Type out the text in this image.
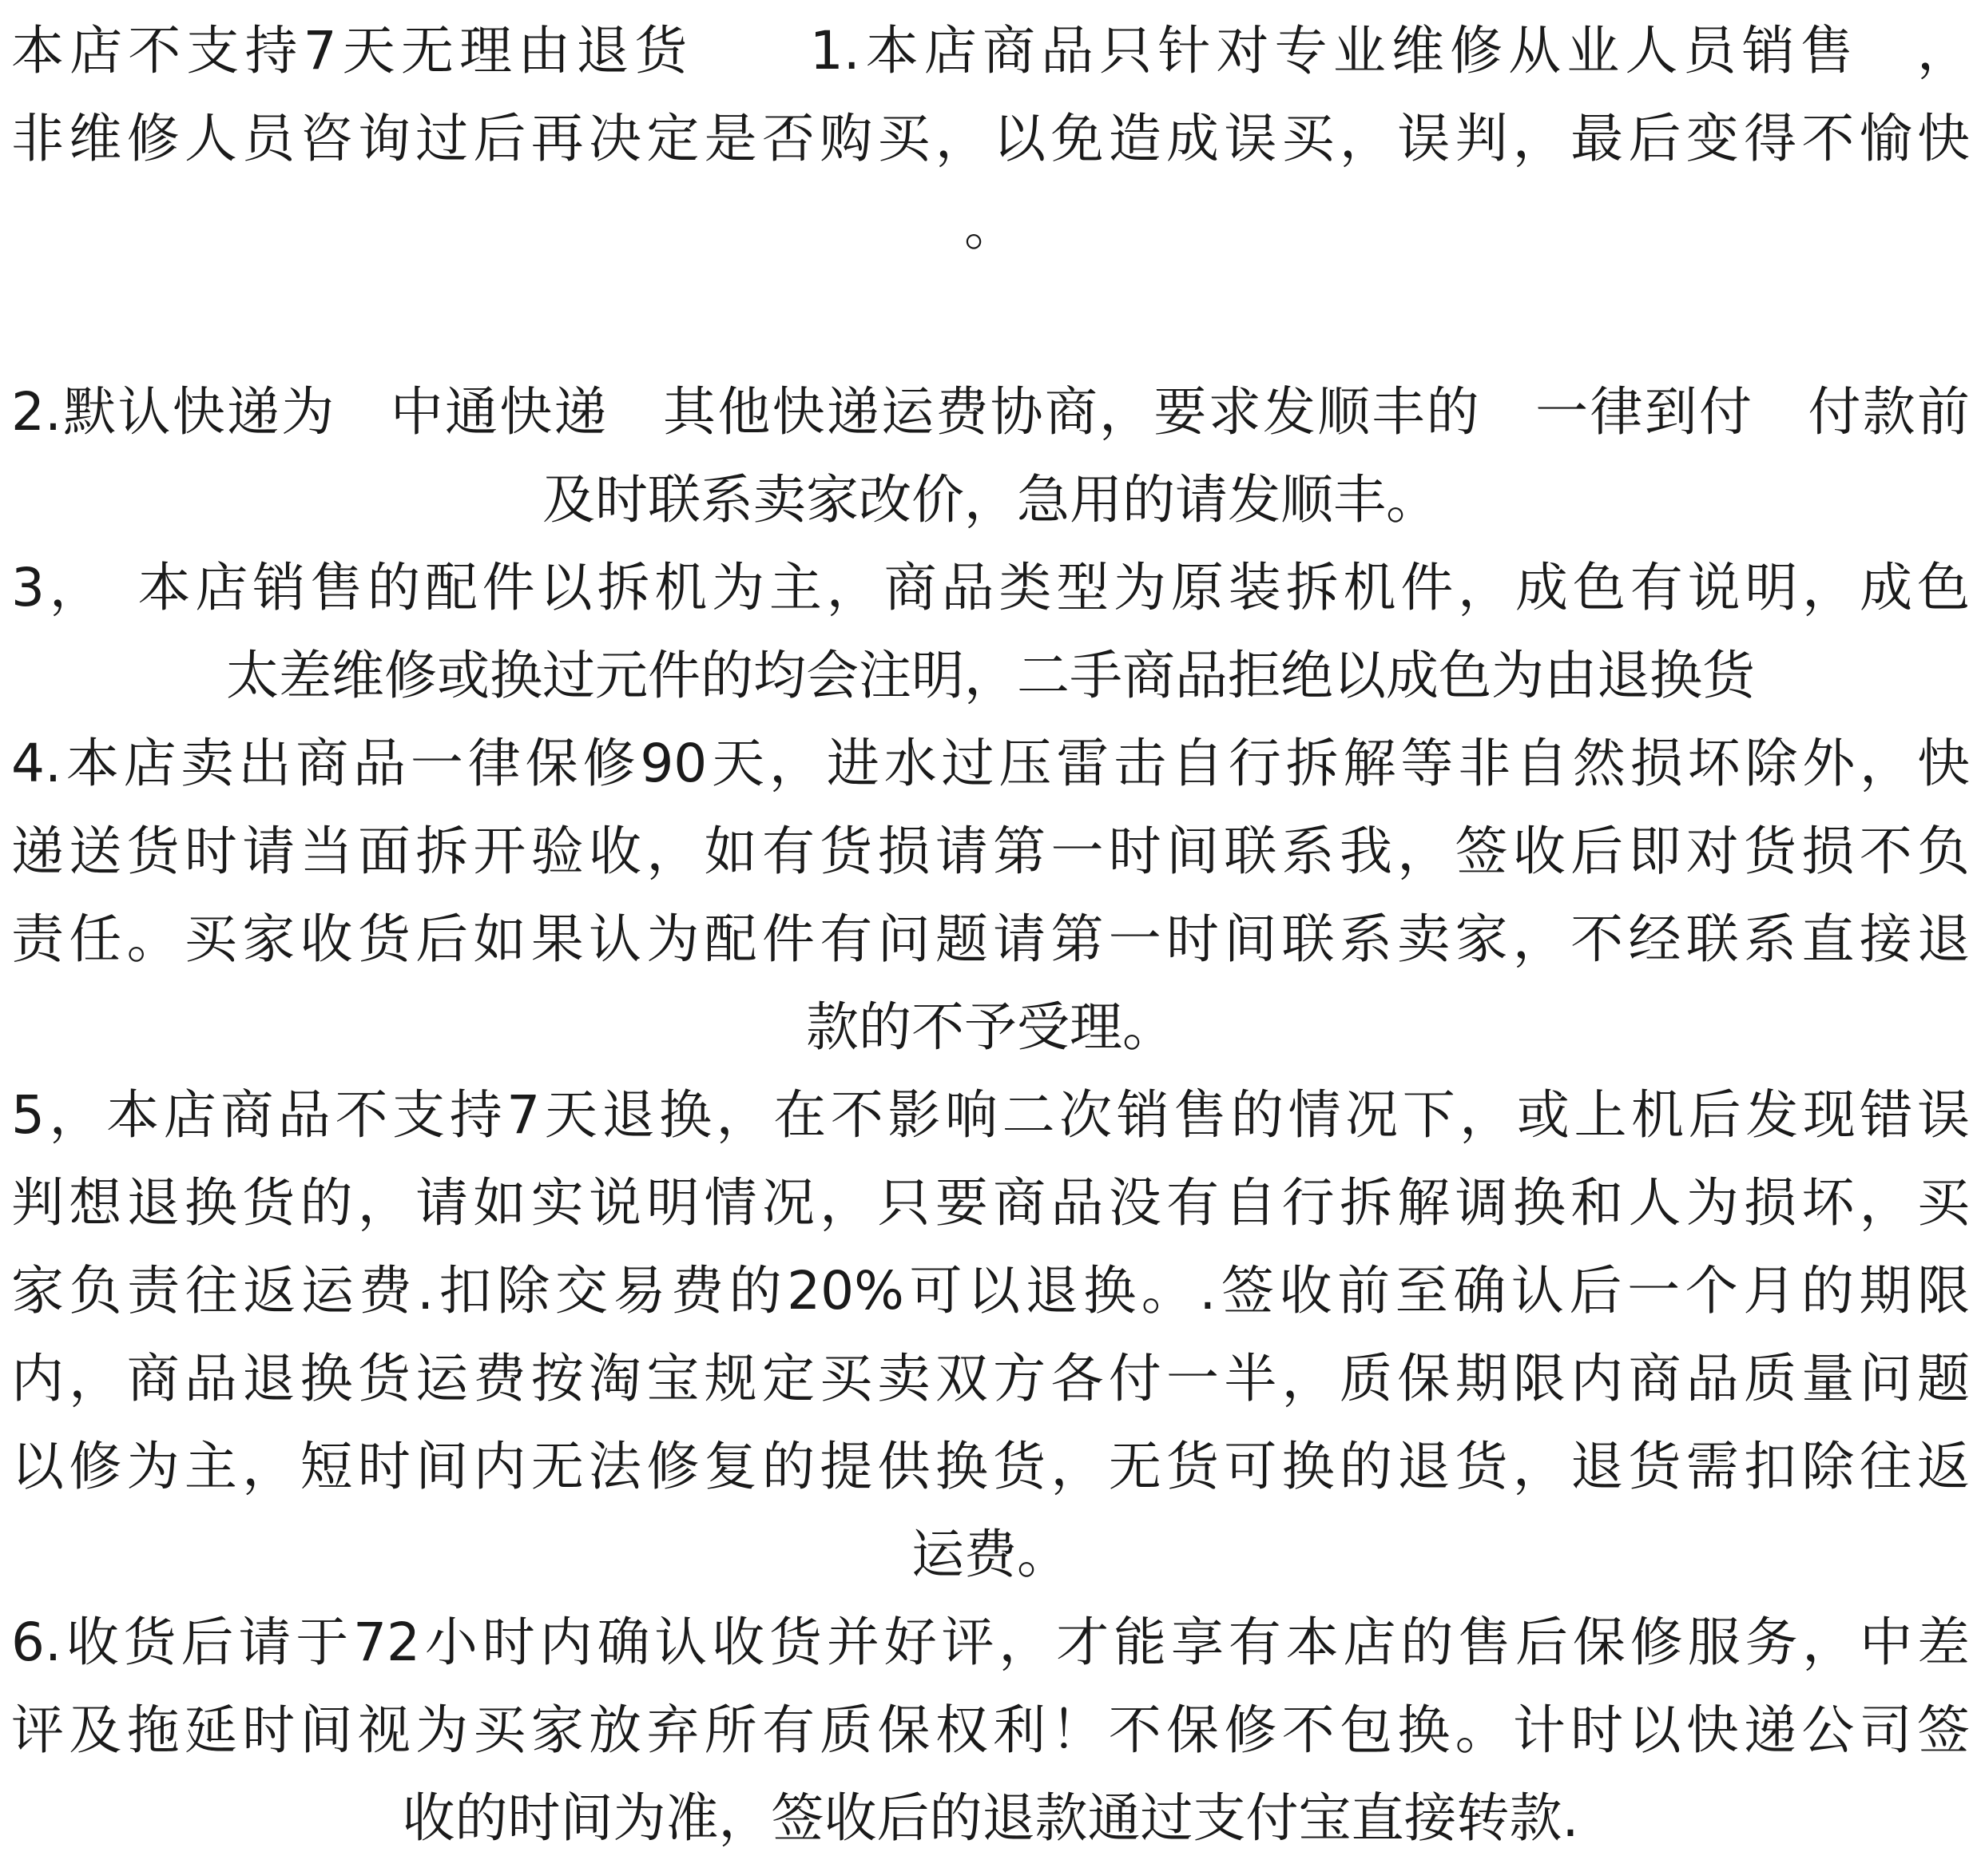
本店不支持7天无理由退货　　1.本店商品只针对专业维修从业人员销售　，
非维修人员咨询过后再决定是否购买，以免造成误买，误判，最后变得不愉快
。
2.默认快递为　中通快递　其他快递运费协商，要求发顺丰的　一律到付　付款前
及时联系卖家改价，急用的请发顺丰。
3，　本店销售的配件以拆机为主，商品类型为原装拆机件，成色有说明，成色
太差维修或换过元件的均会注明，二手商品拒绝以成色为由退换货
4.本店卖出商品一律保修90天，进水过压雷击自行拆解等非自然损坏除外，快
递送货时请当面拆开验收，如有货损请第一时间联系我，签收后即对货损不负
责任。买家收货后如果认为配件有问题请第一时间联系卖家，不经联系直接退
款的不予受理。
5，本店商品不支持7天退换，在不影响二次销售的情况下，或上机后发现错误
判想退换货的，请如实说明情况，只要商品没有自行拆解调换和人为损坏，买
家负责往返运费.扣除交易费的20%可以退换。.签收前至确认后一个月的期限
内，商品退换货运费按淘宝规定买卖双方各付一半，质保期限内商品质量问题
以修为主，短时间内无法修复的提供换货，无货可换的退货，退货需扣除往返
运费。
6.收货后请于72小时内确认收货并好评，才能享有本店的售后保修服务，中差
评及拖延时间视为买家放弃所有质保权利！不保修不包换。计时以快递公司签
收的时间为准，签收后的退款通过支付宝直接转款.
